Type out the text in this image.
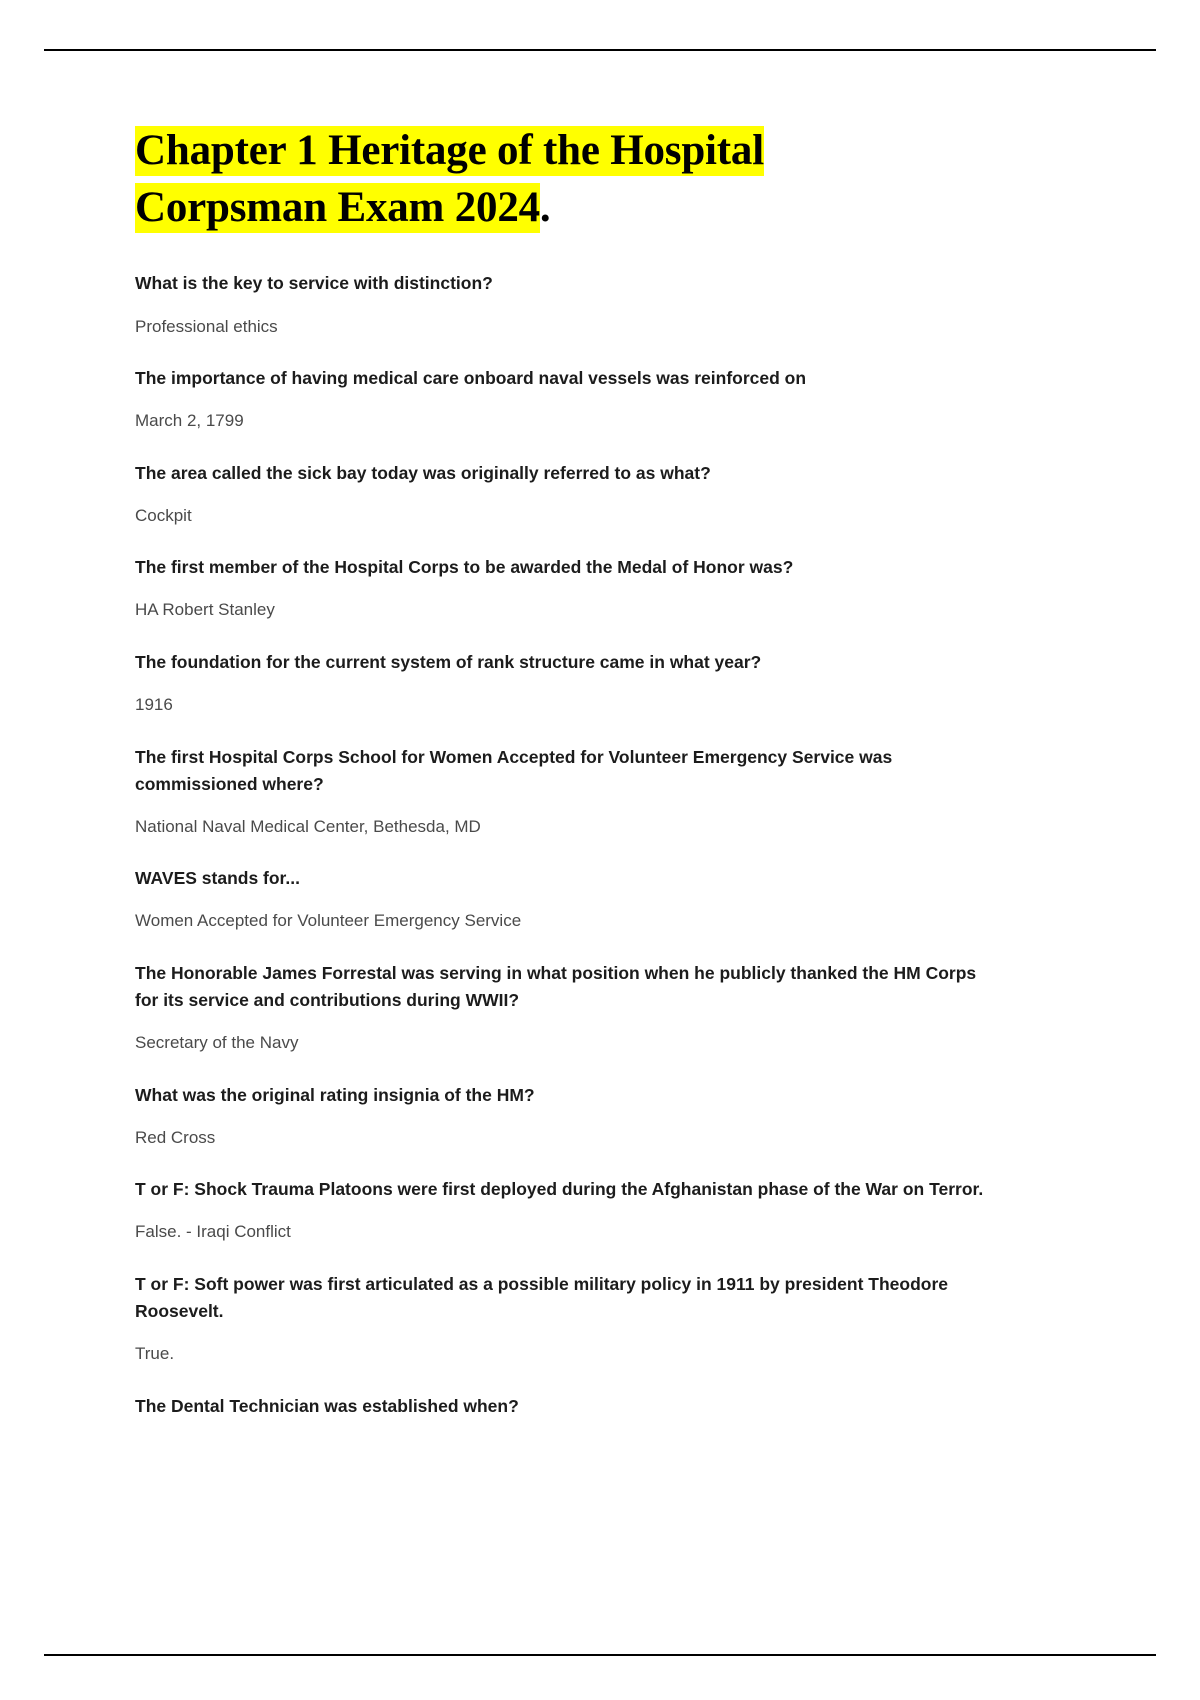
Chapter 1 Heritage of the Hospital
Corpsman Exam 2024.

What is the key to service with distinction?

Professional ethics

The importance of having medical care onboard naval vessels was reinforced on

March 2, 1799

The area called the sick bay today was originally referred to as what?

Cockpit

The first member of the Hospital Corps to be awarded the Medal of Honor was?

HA Robert Stanley

The foundation for the current system of rank structure came in what year?

1916

The first Hospital Corps School for Women Accepted for Volunteer Emergency Service was commissioned where?

National Naval Medical Center, Bethesda, MD

WAVES stands for...

Women Accepted for Volunteer Emergency Service

The Honorable James Forrestal was serving in what position when he publicly thanked the HM Corps for its service and contributions during WWII?

Secretary of the Navy

What was the original rating insignia of the HM?

Red Cross

T or F: Shock Trauma Platoons were first deployed during the Afghanistan phase of the War on Terror.

False. - Iraqi Conflict

T or F: Soft power was first articulated as a possible military policy in 1911 by president Theodore Roosevelt.

True.

The Dental Technician was established when?
